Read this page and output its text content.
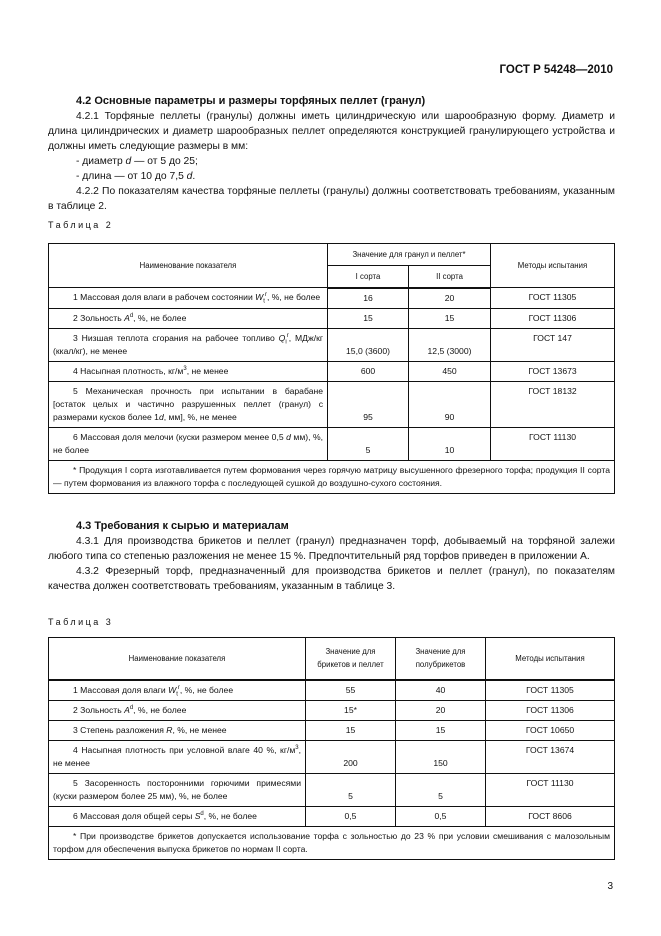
ГОСТ Р 54248—2010
4.2 Основные параметры и размеры торфяных пеллет (гранул)
4.2.1 Торфяные пеллеты (гранулы) должны иметь цилиндрическую или шарообразную форму. Диаметр и длина цилиндрических и диаметр шарообразных пеллет определяются конструкцией гранулирующего устройства и должны иметь следующие размеры в мм:
- диаметр d — от 5 до 25;
- длина — от 10 до 7,5 d.
4.2.2 По показателям качества торфяные пеллеты (гранулы) должны соответствовать требованиям, указанным в таблице 2.
Таблица 2
Наименование показателя	Значение для гранул и пеллет*		Методы испытания
	I сорта	II сорта	
1 Массовая доля влаги в рабочем состоянии $W_t^r$, %, не более	16	20	ГОСТ 11305
2 Зольность $A^d$, %, не более	15	15	ГОСТ 11306
3 Низшая теплота сгорания на рабочее топливо $Q_i^r$, МДж/кг (ккал/кг), не менее	15,0 (3600)	12,5 (3000)	ГОСТ 147
4 Насыпная плотность, $кг/м^3$, не менее	600	450	ГОСТ 13673
5 Механическая прочность при испытании в барабане [остаток целых и частично разрушенных пеллет (гранул) с размерами кусков более 1d, мм], %, не менее	95	90	ГОСТ 18132
6 Массовая доля мелочи (куски размером менее 0,5 d мм), %, не более	5	10	ГОСТ 11130
* Продукция I сорта изготавливается путем формования через горячую матрицу высушенного фрезерного торфа; продукция II сорта — путем формования из влажного торфа с последующей сушкой до воздушно-сухого состояния.			
4.3 Требования к сырью и материалам
4.3.1 Для производства брикетов и пеллет (гранул) предназначен торф, добываемый на торфяной залежи любого типа со степенью разложения не менее 15 %. Предпочтительный ряд торфов приведен в приложении А.
4.3.2 Фрезерный торф, предназначенный для производства брикетов и пеллет (гранул), по показателям качества должен соответствовать требованиям, указанным в таблице 3.
Таблица 3
Наименование показателя	Значение для брикетов и пеллет	Значение для полубрикетов	Методы испытания
1 Массовая доля влаги $W_t^r$, %, не более	55	40	ГОСТ 11305
2 Зольность $A^d$, %, не более	15*	20	ГОСТ 11306
3 Степень разложения R, %, не менее	15	15	ГОСТ 10650
4 Насыпная плотность при условной влаге 40 %, $кг/м^3$, не менее	200	150	ГОСТ 13674
5 Засоренность посторонними горючими примесями (куски размером более 25 мм), %, не более	5	5	ГОСТ 11130
6 Массовая доля общей серы $S^d$, %, не более	0,5	0,5	ГОСТ 8606
* При производстве брикетов допускается использование торфа с зольностью до 23 % при условии смешивания с малозольным торфом для обеспечения выпуска брикетов по нормам II сорта.			
3
